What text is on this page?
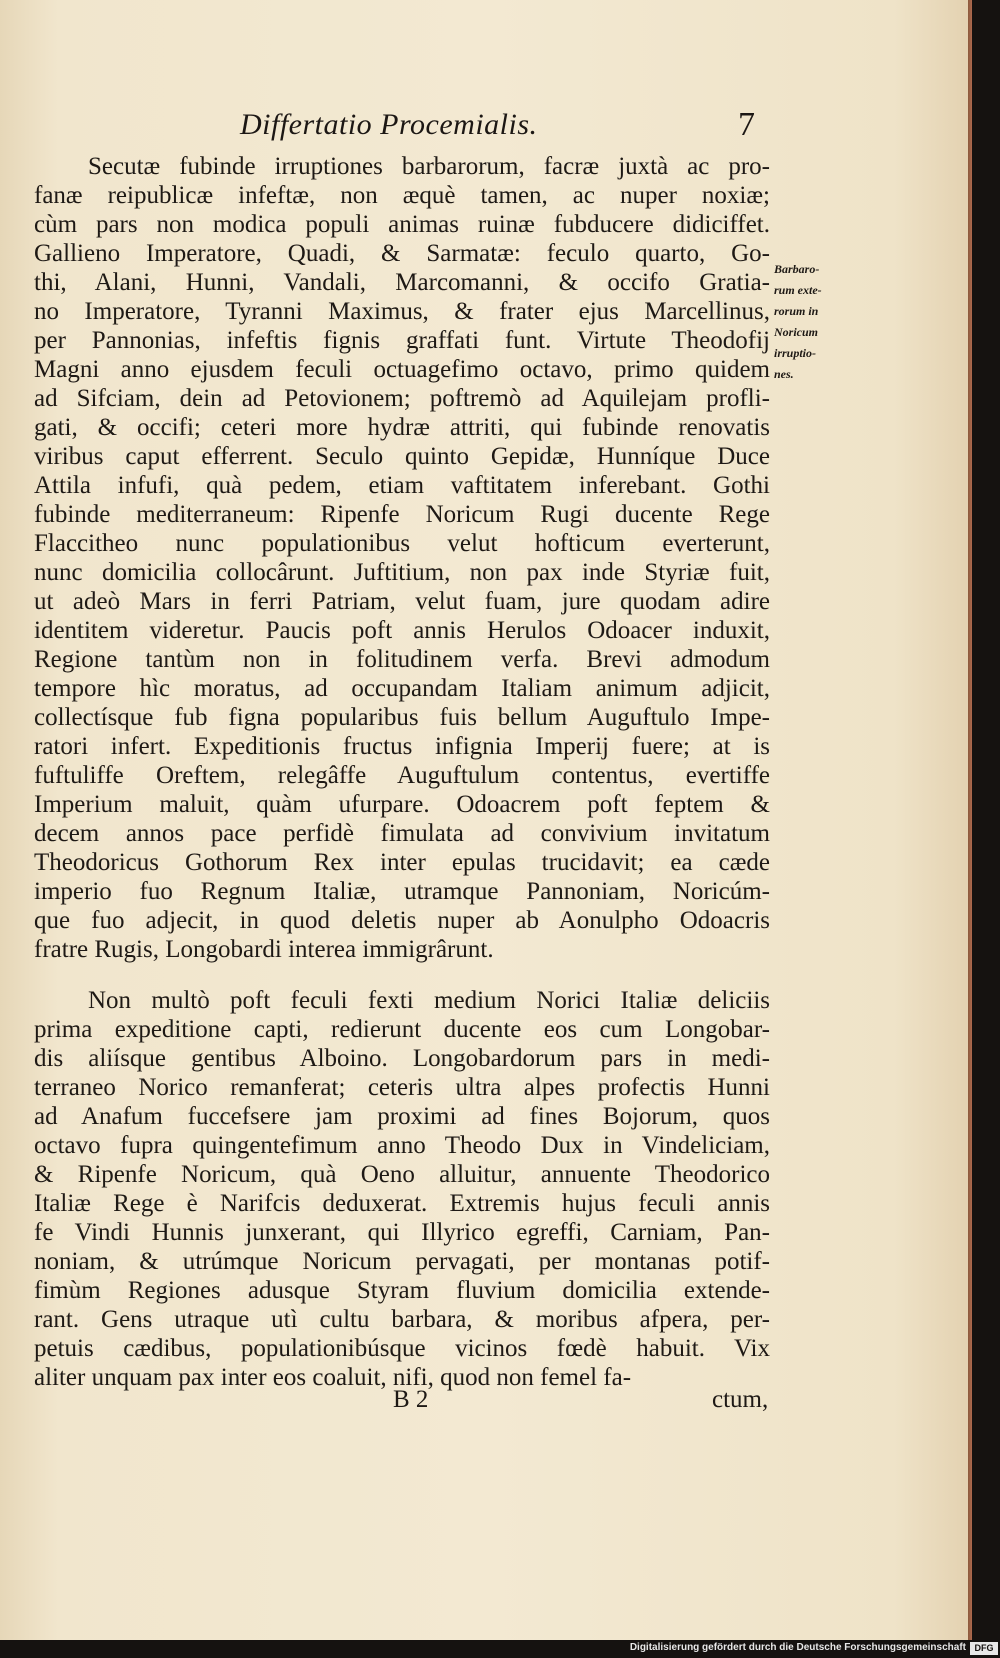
Differtatio Procemialis.	7
Secutæ fubinde irruptiones barbarorum, facræ juxtà ac pro-
fanæ reipublicæ infeftæ, non æquè tamen, ac nuper noxiæ;
cùm pars non modica populi animas ruinæ fubducere didiciffet.
Gallieno Imperatore, Quadi, & Sarmatæ: feculo quarto, Go-
thi, Alani, Hunni, Vandali, Marcomanni, & occifo Gratia-
no Imperatore, Tyranni Maximus, & frater ejus Marcellinus,
per Pannonias, infeftis fignis graffati funt. Virtute Theodofij
Magni anno ejusdem feculi octuagefimo octavo, primo quidem
ad Sifciam, dein ad Petovionem; poftremò ad Aquilejam profli-
gati, & occifi; ceteri more hydræ attriti, qui fubinde renovatis
viribus caput efferrent. Seculo quinto Gepidæ, Hunníque Duce
Attila infufi, quà pedem, etiam vaftitatem inferebant. Gothi
fubinde mediterraneum: Ripenfe Noricum Rugi ducente Rege
Flaccitheo nunc populationibus velut hofticum everterunt,
nunc domicilia collocârunt. Juftitium, non pax inde Styriæ fuit,
ut adeò Mars in ferri Patriam, velut fuam, jure quodam adire
identitem videretur. Paucis poft annis Herulos Odoacer induxit,
Regione tantùm non in folitudinem verfa. Brevi admodum
tempore hìc moratus, ad occupandam Italiam animum adjicit,
collectísque fub figna popularibus fuis bellum Auguftulo Impe-
ratori infert. Expeditionis fructus infignia Imperij fuere; at is
fuftuliffe Oreftem, relegâffe Auguftulum contentus, evertiffe
Imperium maluit, quàm ufurpare. Odoacrem poft feptem &
decem annos pace perfidè fimulata ad convivium invitatum
Theodoricus Gothorum Rex inter epulas trucidavit; ea cæde
imperio fuo Regnum Italiæ, utramque Pannoniam, Noricúm-
que fuo adjecit, in quod deletis nuper ab Aonulpho Odoacris
fratre Rugis, Longobardi interea immigrârunt.
Non multò poft feculi fexti medium Norici Italiæ deliciis
prima expeditione capti, redierunt ducente eos cum Longobar-
dis aliísque gentibus Alboino. Longobardorum pars in medi-
terraneo Norico remanferat; ceteris ultra alpes profectis Hunni
ad Anafum fuccefsere jam proximi ad fines Bojorum, quos
octavo fupra quingentefimum anno Theodo Dux in Vindeliciam,
& Ripenfe Noricum, quà Oeno alluitur, annuente Theodorico
Italiæ Rege è Narifcis deduxerat. Extremis hujus feculi annis
fe Vindi Hunnis junxerant, qui Illyrico egreffi, Carniam, Pan-
noniam, & utrúmque Noricum pervagati, per montanas potif-
fimùm Regiones adusque Styram fluvium domicilia extende-
rant. Gens utraque utì cultu barbara, & moribus afpera, per-
petuis cædibus, populationibúsque vicinos fœdè habuit. Vix
aliter unquam pax inter eos coaluit, nifi, quod non femel fa-
Barbaro-
rum exte-
rorum in
Noricum
irruptio-
nes.
B 2	ctum,
Digitalisierung gefördert durch die Deutsche Forschungsgemeinschaft DFG
